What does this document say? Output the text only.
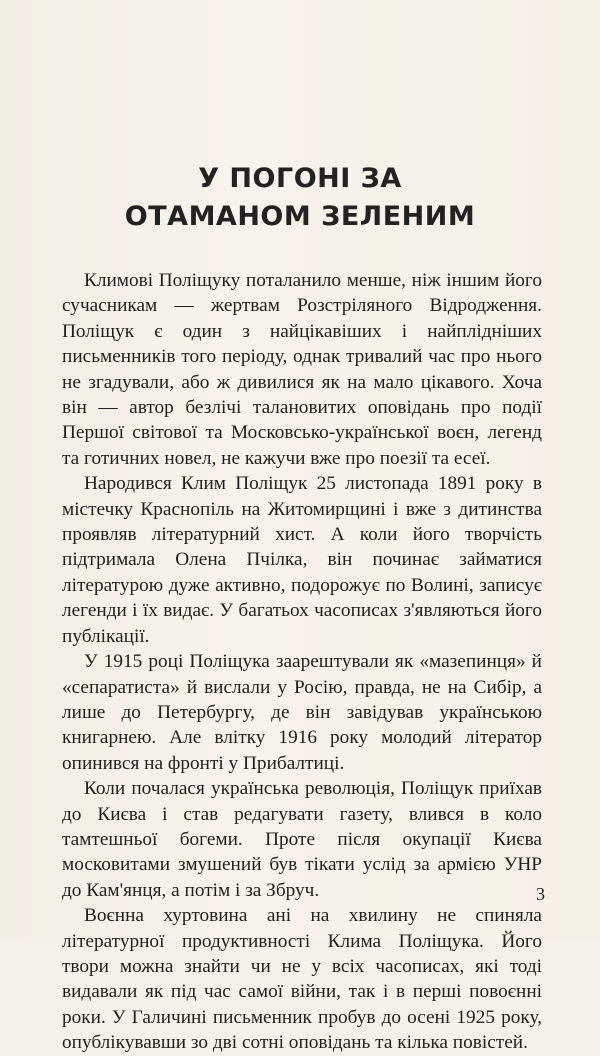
У ПОГОНІ ЗА
ОТАМАНОМ ЗЕЛЕНИМ

Климові Поліщуку поталанило менше, ніж іншим його сучасникам — жертвам Розстріляного Відродження. Поліщук є один з найцікавіших і найплідніших письменників того періоду, однак тривалий час про нього не згадували, або ж дивилися як на мало цікавого. Хоча він — автор безлічі талановитих оповідань про події Першої світової та Московсько-української воєн, легенд та готичних новел, не кажучи вже про поезії та есеї.

Народився Клим Поліщук 25 листопада 1891 року в містечку Краснопіль на Житомирщині і вже з дитинства проявляв літературний хист. А коли його творчість підтримала Олена Пчілка, він починає займатися літературою дуже активно, подорожує по Волині, записує легенди і їх видає. У багатьох часописах з'являються його публікації.

У 1915 році Поліщука заарештували як «мазепинця» й «сепаратиста» й вислали у Росію, правда, не на Сибір, а лише до Петербургу, де він завідував українською книгарнею. Але влітку 1916 року молодий літератор опинився на фронті у Прибалтиці.

Коли почалася українська революція, Поліщук приїхав до Києва і став редагувати газету, влився в коло тамтешньої богеми. Проте після окупації Києва московитами змушений був тікати услід за армією УНР до Кам'янця, а потім і за Збруч.

Воєнна хуртовина ані на хвилину не спиняла літературної продуктивності Клима Поліщука. Його твори можна знайти чи не у всіх часописах, які тоді видавали як під час самої війни, так і в перші повоєнні роки. У Галичині письменник пробув до осені 1925 року, опублікувавши зо дві сотні оповідань та кілька повістей.

3
